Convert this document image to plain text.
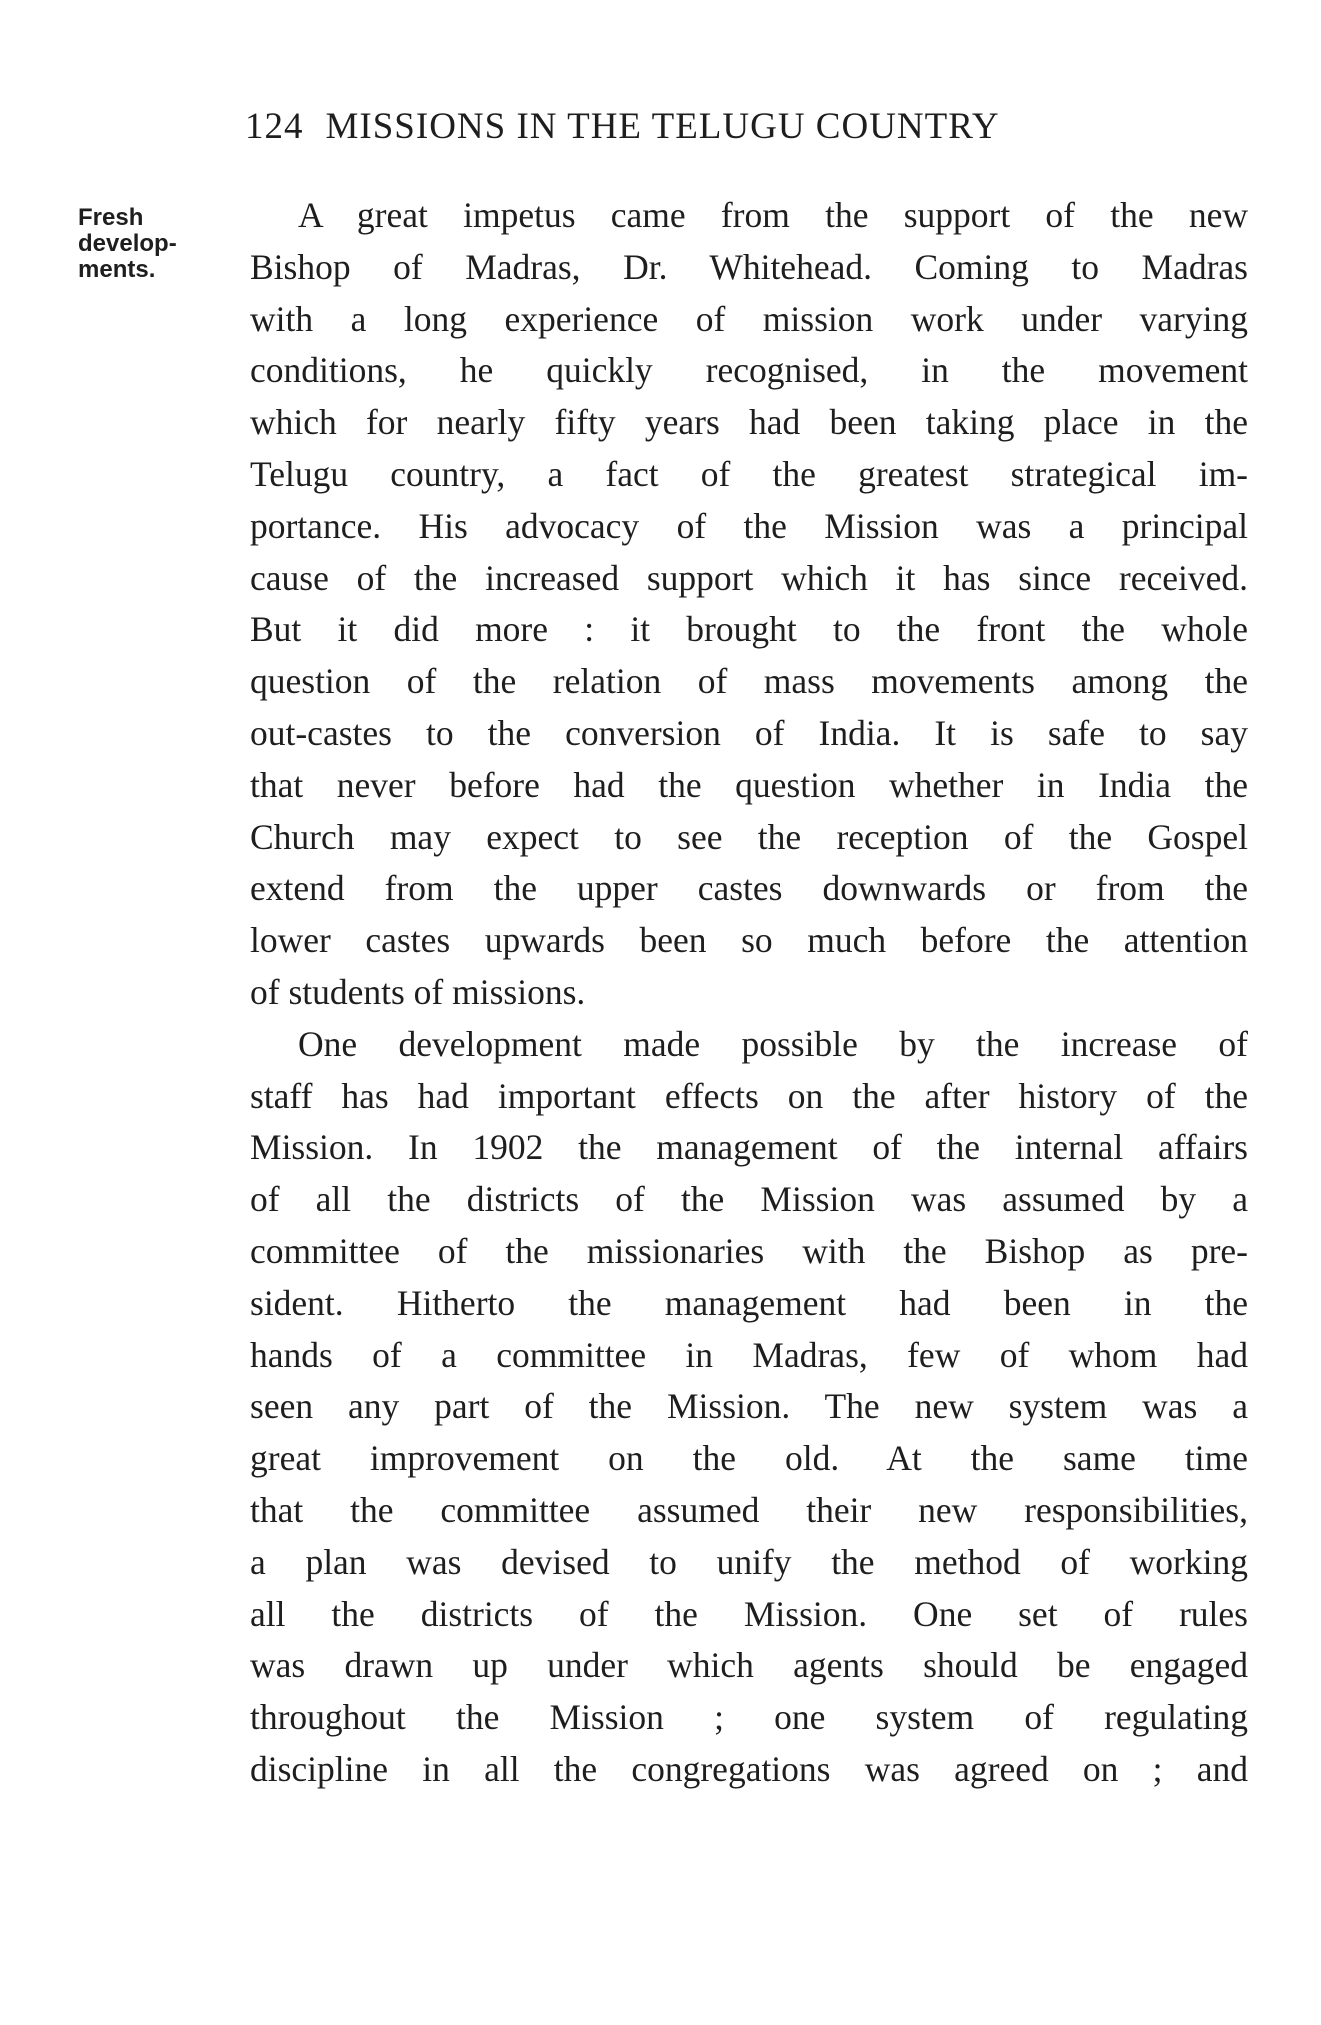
124 MISSIONS IN THE TELUGU COUNTRY
Fresh
develop-
ments.
A great impetus came from the support of the new
Bishop of Madras, Dr. Whitehead. Coming to Madras
with a long experience of mission work under varying
conditions, he quickly recognised, in the movement
which for nearly fifty years had been taking place in the
Telugu country, a fact of the greatest strategical im-
portance. His advocacy of the Mission was a principal
cause of the increased support which it has since received.
But it did more : it brought to the front the whole
question of the relation of mass movements among the
out-castes to the conversion of India. It is safe to say
that never before had the question whether in India the
Church may expect to see the reception of the Gospel
extend from the upper castes downwards or from the
lower castes upwards been so much before the attention
of students of missions.
One development made possible by the increase of
staff has had important effects on the after history of the
Mission. In 1902 the management of the internal affairs
of all the districts of the Mission was assumed by a
committee of the missionaries with the Bishop as pre-
sident. Hitherto the management had been in the
hands of a committee in Madras, few of whom had
seen any part of the Mission. The new system was a
great improvement on the old. At the same time
that the committee assumed their new responsibilities,
a plan was devised to unify the method of working
all the districts of the Mission. One set of rules
was drawn up under which agents should be engaged
throughout the Mission ; one system of regulating
discipline in all the congregations was agreed on ; and
